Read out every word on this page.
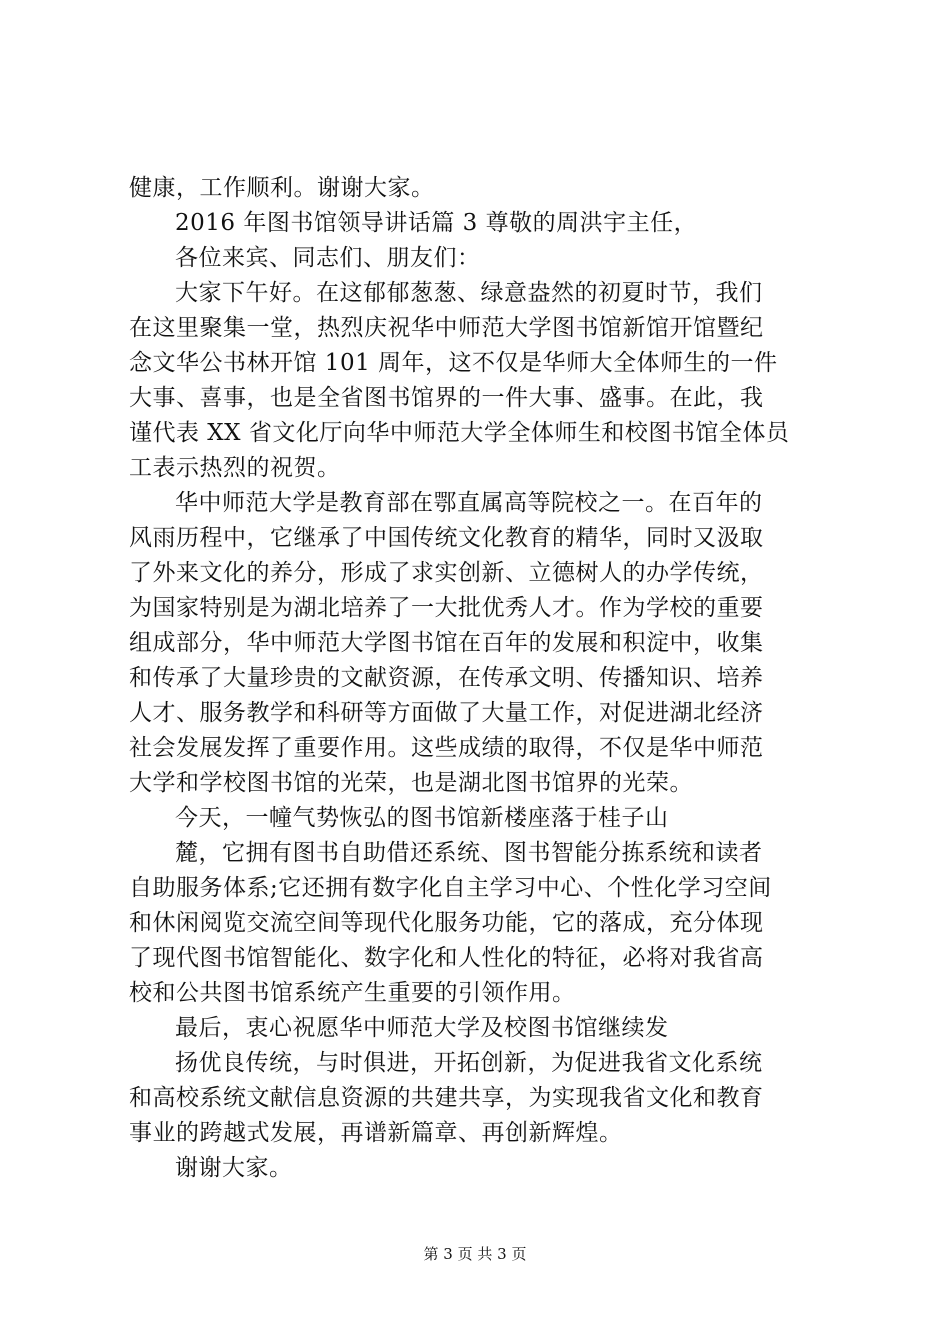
健康，工作顺利。谢谢大家。
2016 年图书馆领导讲话篇 3 尊敬的周洪宇主任，
各位来宾、同志们、朋友们：
大家下午好。在这郁郁葱葱、绿意盎然的初夏时节，我们
在这里聚集一堂，热烈庆祝华中师范大学图书馆新馆开馆暨纪
念文华公书林开馆 101 周年，这不仅是华师大全体师生的一件
大事、喜事，也是全省图书馆界的一件大事、盛事。在此，我
谨代表 XX 省文化厅向华中师范大学全体师生和校图书馆全体员
工表示热烈的祝贺。
华中师范大学是教育部在鄂直属高等院校之一。在百年的
风雨历程中，它继承了中国传统文化教育的精华，同时又汲取
了外来文化的养分，形成了求实创新、立德树人的办学传统，
为国家特别是为湖北培养了一大批优秀人才。作为学校的重要
组成部分，华中师范大学图书馆在百年的发展和积淀中，收集
和传承了大量珍贵的文献资源，在传承文明、传播知识、培养
人才、服务教学和科研等方面做了大量工作，对促进湖北经济
社会发展发挥了重要作用。这些成绩的取得，不仅是华中师范
大学和学校图书馆的光荣，也是湖北图书馆界的光荣。
今天，一幢气势恢弘的图书馆新楼座落于桂子山
麓，它拥有图书自助借还系统、图书智能分拣系统和读者
自助服务体系;它还拥有数字化自主学习中心、个性化学习空间
和休闲阅览交流空间等现代化服务功能，它的落成，充分体现
了现代图书馆智能化、数字化和人性化的特征，必将对我省高
校和公共图书馆系统产生重要的引领作用。
最后，衷心祝愿华中师范大学及校图书馆继续发
扬优良传统，与时俱进，开拓创新，为促进我省文化系统
和高校系统文献信息资源的共建共享，为实现我省文化和教育
事业的跨越式发展，再谱新篇章、再创新辉煌。
谢谢大家。
第 3 页 共 3 页
